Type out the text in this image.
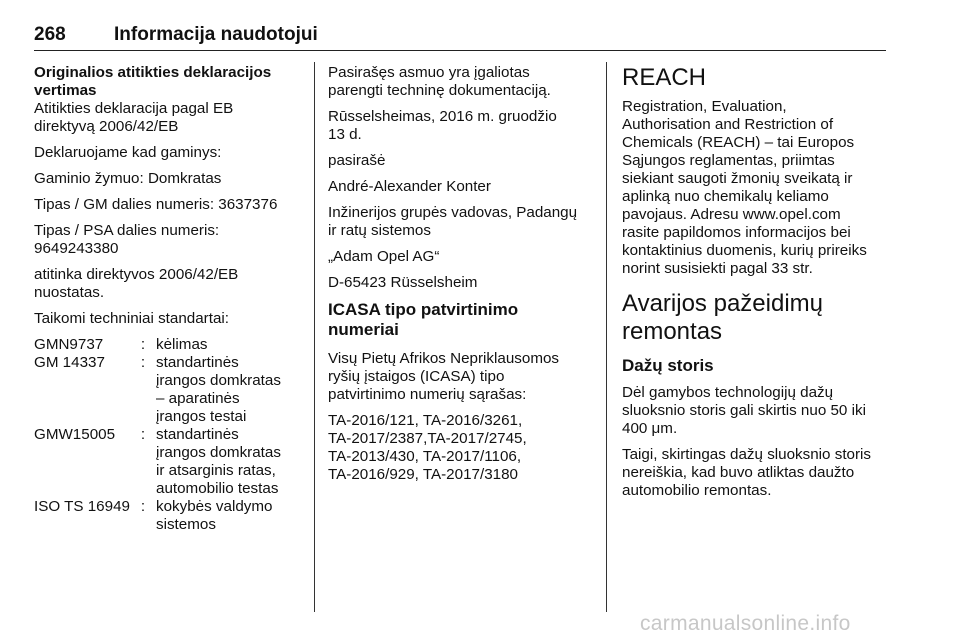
268	Informacija naudotojui
Originalios atitikties deklaracijos
vertimas

Atitikties deklaracija pagal EB
direktyvą 2006/42/EB

Deklaruojame kad gaminys:

Gaminio žymuo: Domkratas

Tipas / GM dalies numeris: 3637376

Tipas / PSA dalies numeris:
9649243380

atitinka direktyvos 2006/42/EB
nuostatas.

Taikomi techniniai standartai:

GMN9737	:	kėlimas
GM 14337	:	standartinės
įrangos domkratas
– aparatinės
įrangos testai
GMW15005	:	standartinės
įrangos domkratas
ir atsarginis ratas,
automobilio testas
ISO TS 16949	:	kokybės valdymo
sistemos

Pasirašęs asmuo yra įgaliotas
parengti techninę dokumentaciją.

Rūsselsheimas, 2016 m. gruodžio
13 d.

pasirašė

André-Alexander Konter

Inžinerijos grupės vadovas, Padangų
ir ratų sistemos

„Adam Opel AG“

D-65423 Rüsselsheim

ICASA tipo patvirtinimo numeriai

Visų Pietų Afrikos Nepriklausomos
ryšių įstaigos (ICASA) tipo
patvirtinimo numerių sąrašas:

TA-2016/121, TA-2016/3261,
TA-2017/2387,TA-2017/2745,
TA-2013/430, TA-2017/1106,
TA-2016/929, TA-2017/3180

REACH

Registration, Evaluation,
Authorisation and Restriction of
Chemicals (REACH) – tai Europos
Sąjungos reglamentas, priimtas
siekiant saugoti žmonių sveikatą ir
aplinką nuo chemikalų keliamo
pavojaus. Adresu www.opel.com
rasite papildomos informacijos bei
kontaktinius duomenis, kurių prireiks
norint susisiekti pagal 33 str.

Avarijos pažeidimų
remontas
Dažų storis

Dėl gamybos technologijų dažų
sluoksnio storis gali skirtis nuo 50 iki
400 μm.

Taigi, skirtingas dažų sluoksnio storis
nereiškia, kad buvo atliktas daužto
automobilio remontas.

carmanualsonline.info
